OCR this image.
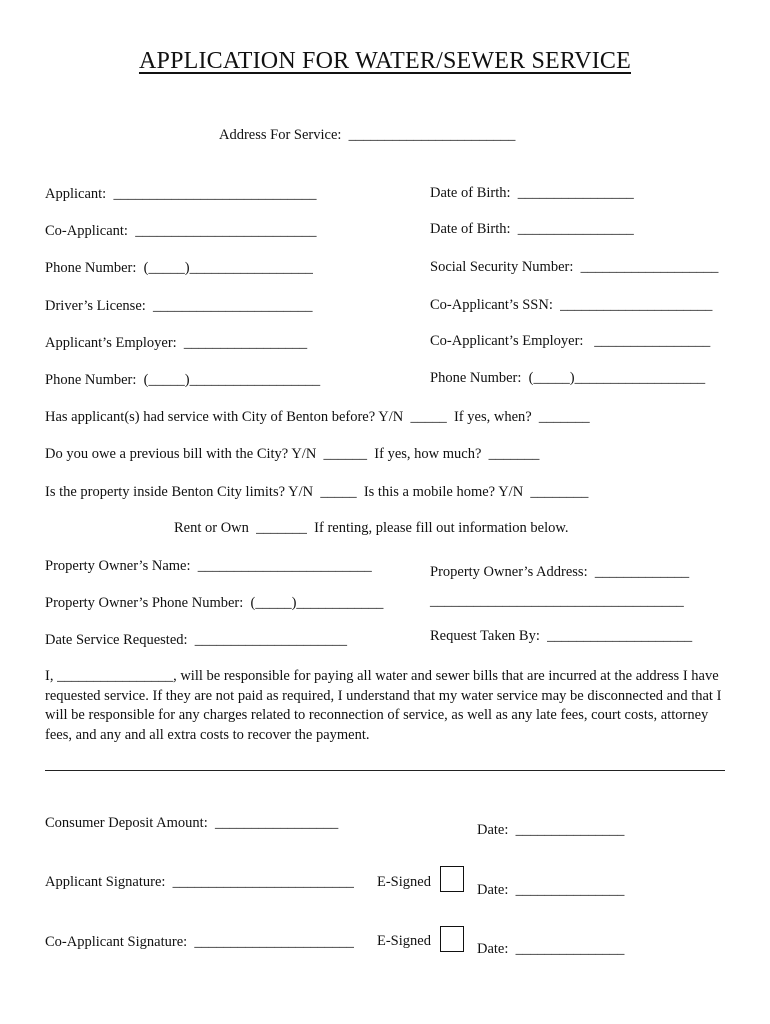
APPLICATION FOR WATER/SEWER SERVICE
Address For Service:  _______________________
Applicant:  ____________________________
Co-Applicant:  _________________________
Phone Number:  (_____)_________________
Driver’s License:  ______________________
Applicant’s Employer:  _________________
Phone Number:  (_____)__________________
Date of Birth:  ________________
Date of Birth:  ________________
Social Security Number:  ___________________
Co-Applicant’s SSN:  _____________________
Co-Applicant’s Employer:   ________________
Phone Number:  (_____)__________________
Has applicant(s) had service with City of Benton before? Y/N  _____  If yes, when?  _______
Do you owe a previous bill with the City? Y/N  ______  If yes, how much?  _______
Is the property inside Benton City limits? Y/N  _____  Is this a mobile home? Y/N  ________
Rent or Own  _______  If renting, please fill out information below.
Property Owner’s Name:  ________________________	Property Owner’s Address:  _____________
Property Owner’s Phone Number:  (_____)____________	___________________________________
Date Service Requested:  _____________________	Request Taken By:  ____________________
I, ________________, will be responsible for paying all water and sewer bills that are incurred at the address I have requested service. If they are not paid as required, I understand that my water service may be disconnected and that I will be responsible for any charges related to reconnection of service, as well as any late fees, court costs, attorney fees, and any and all extra costs to recover the payment.
Consumer Deposit Amount:  _________________	Date:  _______________
Applicant Signature:  _________________________ E-Signed	Date:  _______________
Co-Applicant Signature:  ______________________ E-Signed	Date:  _______________
